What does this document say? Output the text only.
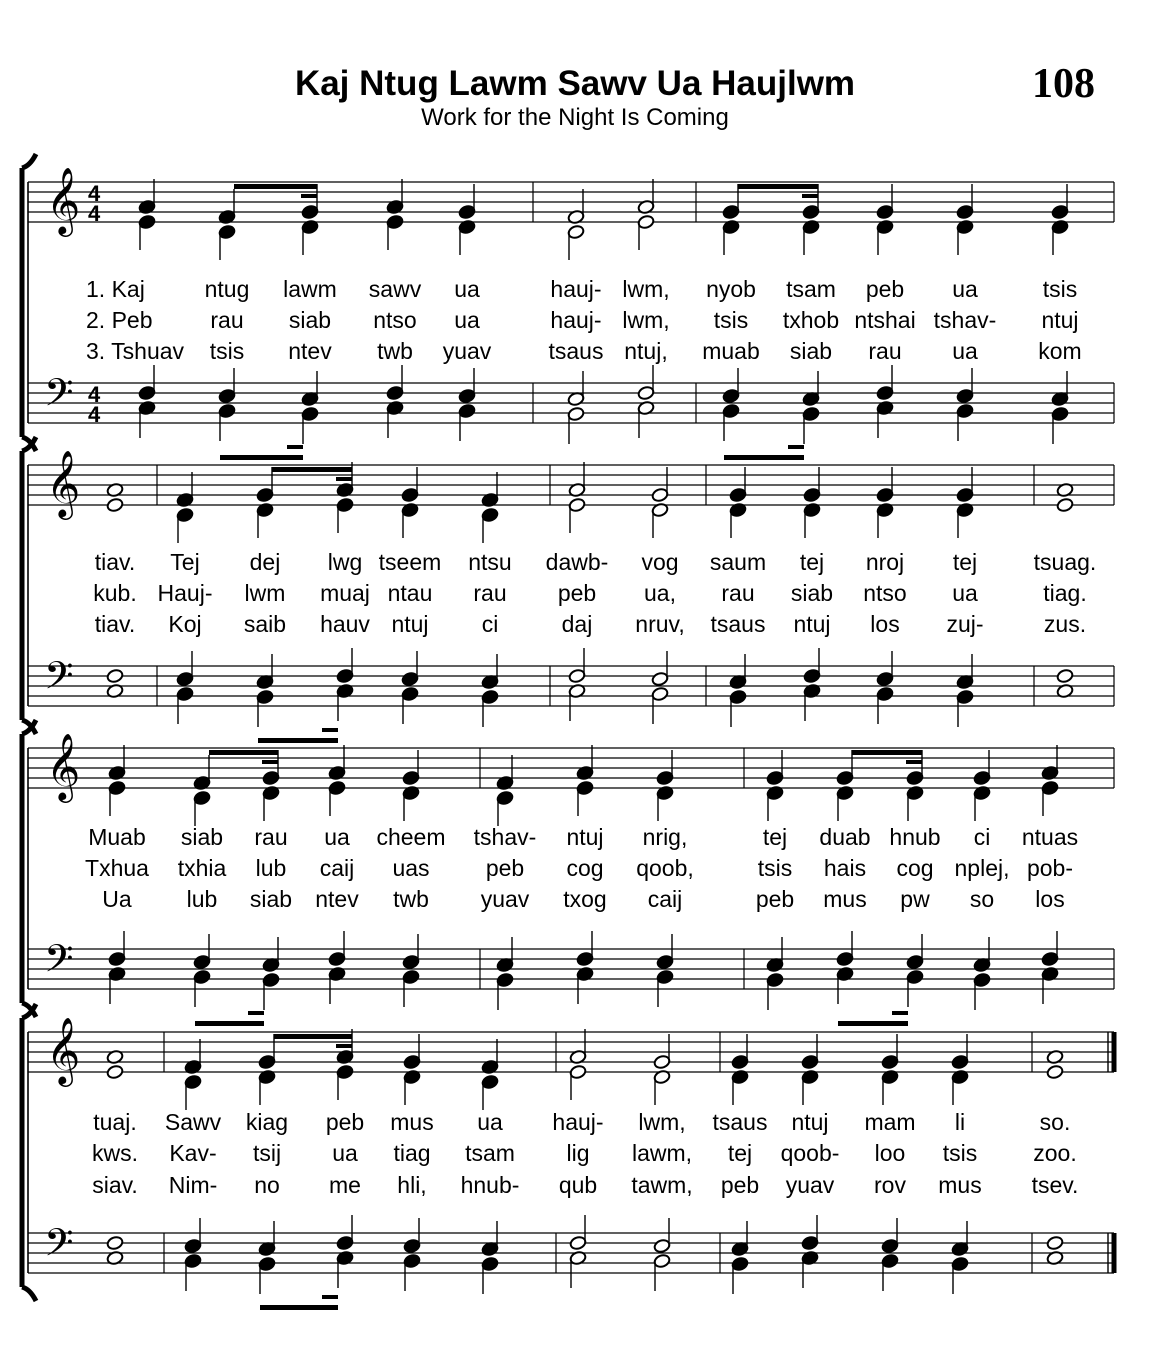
Kaj Ntug Lawm Sawv Ua Haujlwm
Work for the Night Is Coming
108
𝄞 4
4
𝄢 4
4
1. Kaj	ntug lawm sawv ua	hauj- lwm, nyob tsam peb ua	tsis
2. Peb	rau siab ntso ua	hauj- lwm, tsis txhob ntshai tshav- ntuj
3. Tshuav tsis ntev twb yuav tsaus ntuj, muab siab rau ua	kom
𝄞
𝄢
tiav. Tej dej lwg tseem ntsu dawb- vog saum tej nroj tej tsuag.
kub. Hauj- lwm muaj ntau rau peb ua, rau siab ntso ua	tiag.
tiav. Koj saib hauv ntuj ci	daj nruv, tsaus ntuj los zuj-	zus.
𝄞
𝄢
Muab siab rau ua cheem tshav- ntuj nrig,	tej duab hnub ci ntuas
Txhua txhia lub caij uas peb cog qoob,	tsis hais cog nplej, pob-
Ua lub siab ntev twb yuav txog caij	peb mus pw so los
𝄞
𝄢
tuaj. Sawv kiag peb mus ua hauj- lwm, tsaus ntuj mam li	so.
kws. Kav- tsij ua tiag tsam lig lawm, tej qoob- loo tsis zoo.
siav. Nim- no me hli, hnub- qub tawm, peb yuav rov mus tsev.
